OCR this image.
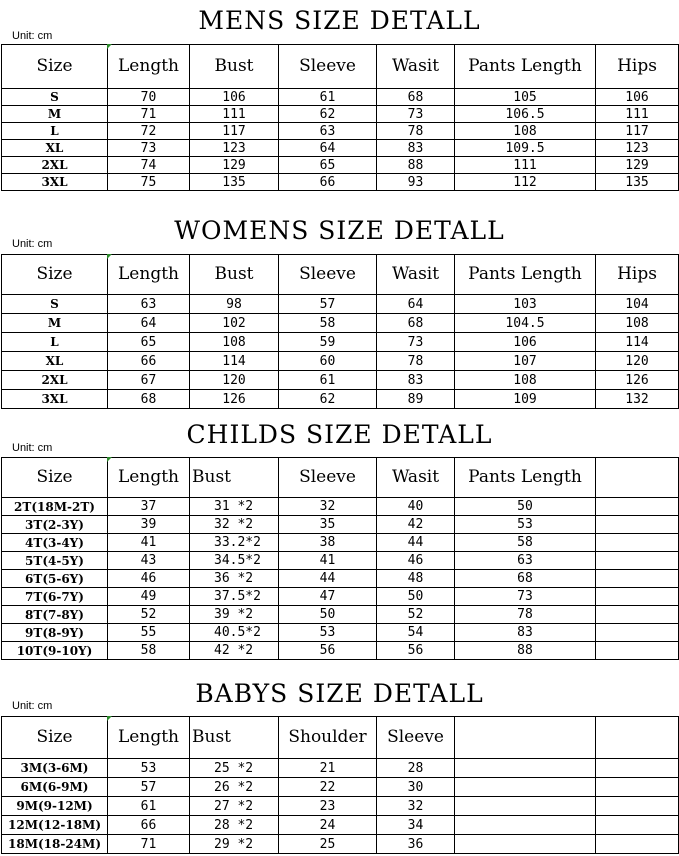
MENS SIZE DETALL
Unit: cm
Size	Length	Bust	Sleeve	Wasit	Pants Length	Hips
S	70	106	61	68	105	106
M	71	111	62	73	106.5	111
L	72	117	63	78	108	117
XL	73	123	64	83	109.5	123
2XL	74	129	65	88	111	129
3XL	75	135	66	93	112	135
WOMENS SIZE DETALL
Unit: cm
Size	Length	Bust	Sleeve	Wasit	Pants Length	Hips
S	63	98	57	64	103	104
M	64	102	58	68	104.5	108
L	65	108	59	73	106	114
XL	66	114	60	78	107	120
2XL	67	120	61	83	108	126
3XL	68	126	62	89	109	132
CHILDS SIZE DETALL
Unit: cm
Size	Length	Bust	Sleeve	Wasit	Pants Length	
2T(18M-2T)	37	31 *2	32	40	50	
3T(2-3Y)	39	32 *2	35	42	53	
4T(3-4Y)	41	33.2*2	38	44	58	
5T(4-5Y)	43	34.5*2	41	46	63	
6T(5-6Y)	46	36 *2	44	48	68	
7T(6-7Y)	49	37.5*2	47	50	73	
8T(7-8Y)	52	39 *2	50	52	78	
9T(8-9Y)	55	40.5*2	53	54	83	
10T(9-10Y)	58	42 *2	56	56	88	
BABYS SIZE DETALL
Unit: cm
Size	Length	Bust	Shoulder	Sleeve		
3M(3-6M)	53	25 *2	21	28		
6M(6-9M)	57	26 *2	22	30		
9M(9-12M)	61	27 *2	23	32		
12M(12-18M)	66	28 *2	24	34		
18M(18-24M)	71	29 *2	25	36		
